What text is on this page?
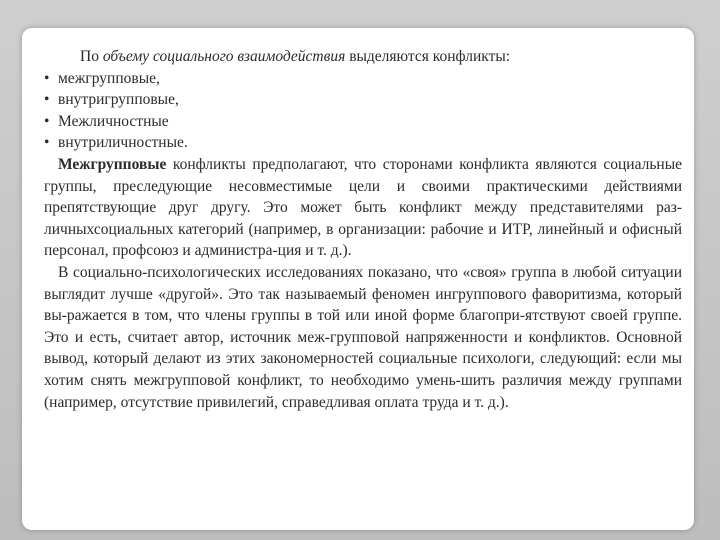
По объему социального взаимодействия выделяются конфликты:

• межгрупповые,
• внутригрупповые,
• Межличностные
• внутриличностные.

Межгрупповые конфликты предполагают, что сторонами конфликта являются социальные группы, преследующие несовместимые цели и своими практическими действиями препятствующие друг другу. Это может быть конфликт между представителями раз-личныхсоциальных категорий (например, в организации: рабочие и ИТР, линейный и офисный персонал, профсоюз и администра-ция и т. д.).

В социально-психологических исследованиях показано, что «своя» группа в любой ситуации выглядит лучше «другой». Это так называемый феномен ингруппового фаворитизма, который вы-ражается в том, что члены группы в той или иной форме благопри-ятствуют своей группе. Это и есть, считает автор, источник меж-групповой напряженности и конфликтов. Основной вывод, который делают из этих закономерностей социальные психологи, следующий: если мы хотим снять межгрупповой конфликт, то необходимо умень-шить различия между группами (например, отсутствие привилегий, справедливая оплата труда и т. д.).
